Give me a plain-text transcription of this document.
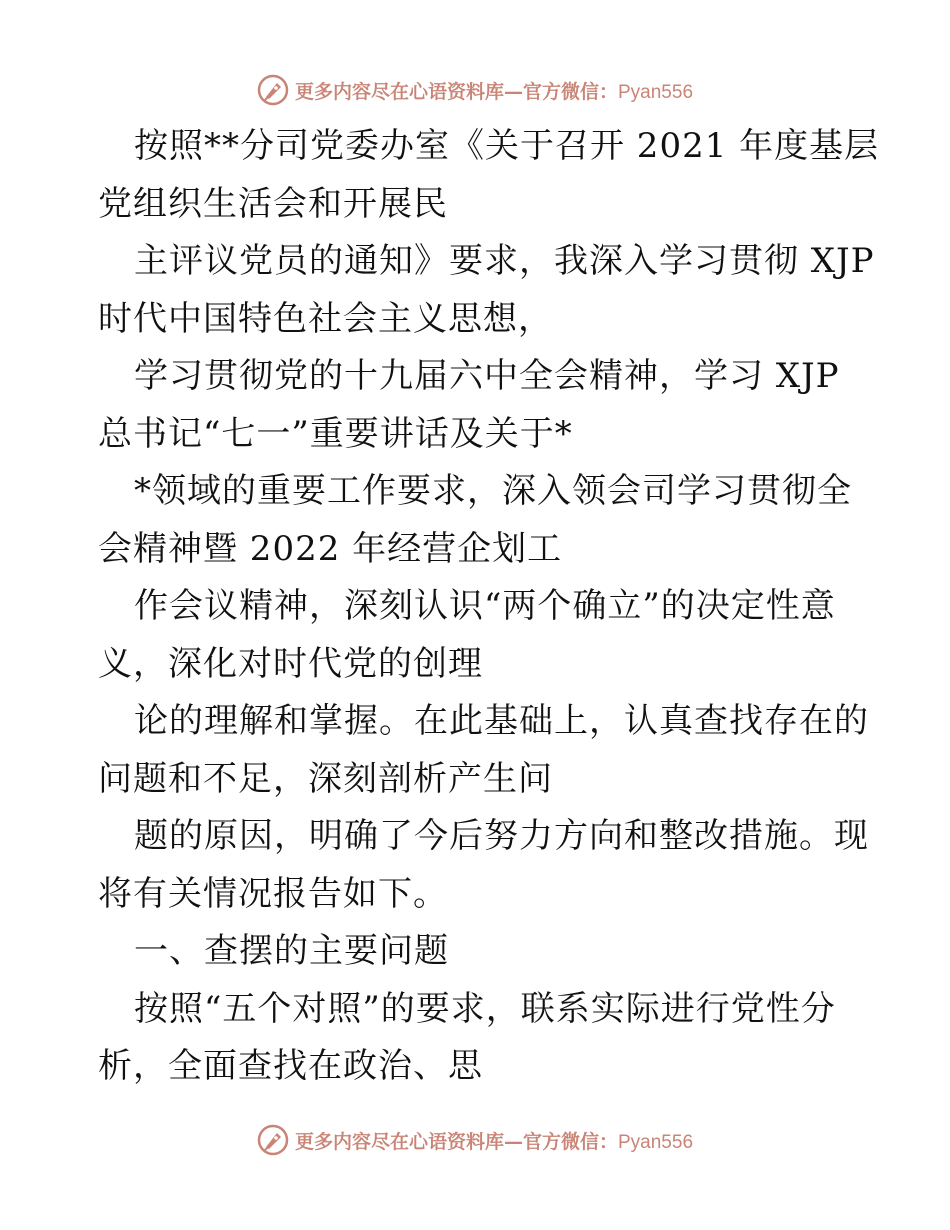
更多内容尽在心语资料库—官方微信：Pyan556
按照**分司党委办室《关于召开 2021 年度基层
党组织生活会和开展民
主评议党员的通知》要求，我深入学习贯彻 XJP
时代中国特色社会主义思想，
学习贯彻党的十九届六中全会精神，学习 XJP
总书记“七一”重要讲话及关于*
*领域的重要工作要求，深入领会司学习贯彻全
会精神暨 2022 年经营企划工
作会议精神，深刻认识“两个确立”的决定性意
义，深化对时代党的创理
论的理解和掌握。在此基础上，认真查找存在的
问题和不足，深刻剖析产生问
题的原因，明确了今后努力方向和整改措施。现
将有关情况报告如下。
一、查摆的主要问题
按照“五个对照”的要求，联系实际进行党性分
析，全面查找在政治、思
更多内容尽在心语资料库—官方微信：Pyan556
